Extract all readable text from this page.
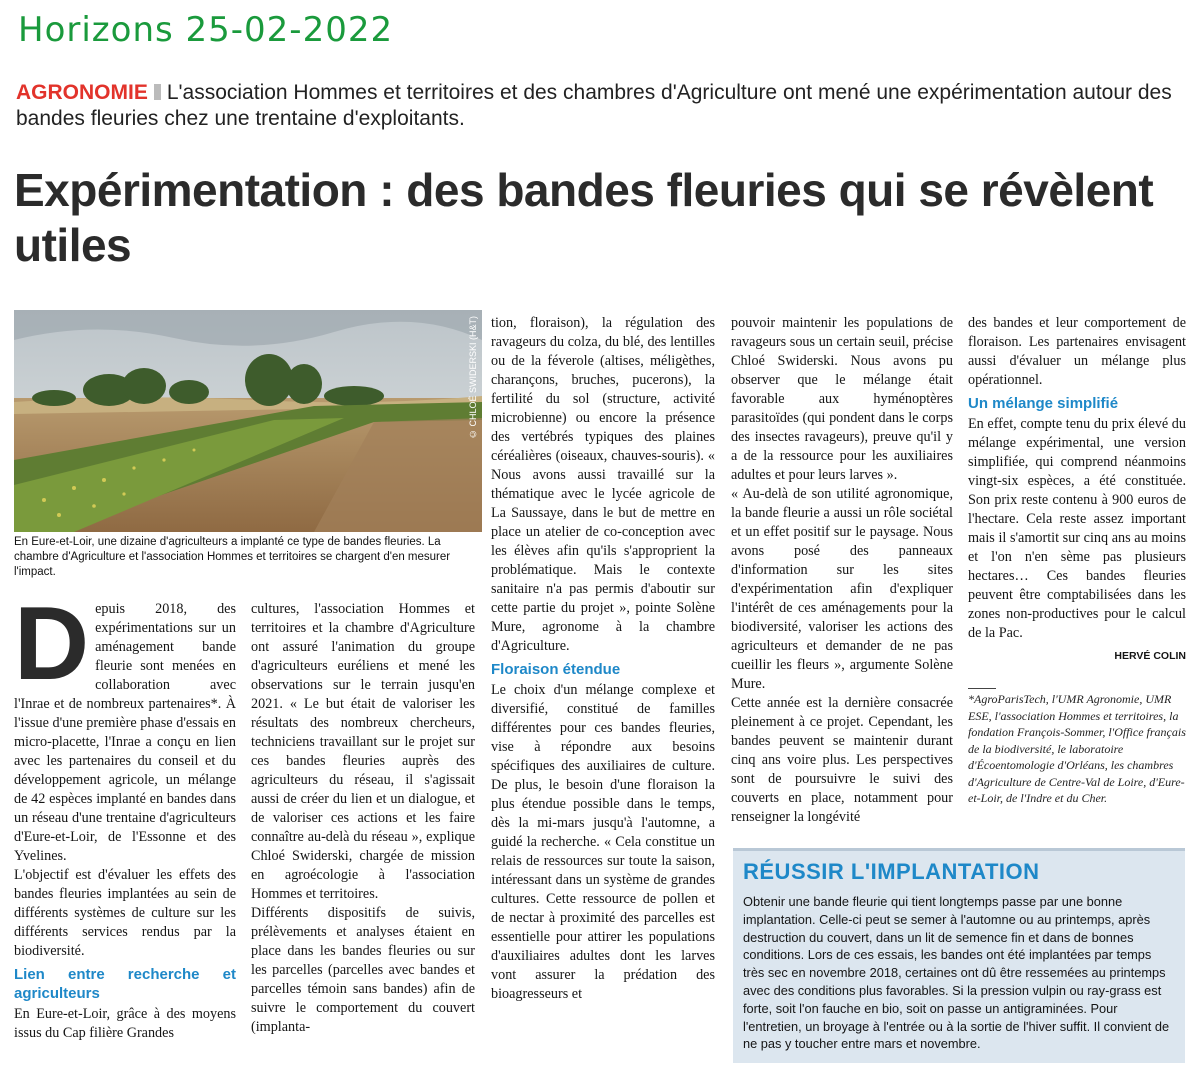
Horizons 25-02-2022
AGRONOMIE L'association Hommes et territoires et des chambres d'Agriculture ont mené une expérimentation autour des bandes fleuries chez une trentaine d'exploitants.
Expérimentation : des bandes fleuries qui se révèlent utiles
© CHLOÉ SWIDERSKI (H&T)
En Eure-et-Loir, une dizaine d'agriculteurs a implanté ce type de bandes fleuries. La chambre d'Agriculture et l'association Hommes et territoires se chargent d'en mesurer l'impact.
D epuis 2018, des expérimentations sur un aménagement bande fleurie sont menées en collaboration avec l'Inrae et de nombreux partenaires*. À l'issue d'une première phase d'essais en micro-placette, l'Inrae a conçu en lien avec les partenaires du conseil et du développement agricole, un mélange de 42 espèces implanté en bandes dans un réseau d'une trentaine d'agriculteurs d'Eure-et-Loir, de l'Essonne et des Yvelines.

L'objectif est d'évaluer les effets des bandes fleuries implantées au sein de différents systèmes de culture sur les différents services rendus par la biodiversité.

Lien entre recherche et agriculteurs

En Eure-et-Loir, grâce à des moyens issus du Cap filière Grandes

cultures, l'association Hommes et territoires et la chambre d'Agriculture ont assuré l'animation du groupe d'agriculteurs euréliens et mené les observations sur le terrain jusqu'en 2021. « Le but était de valoriser les résultats des nombreux chercheurs, techniciens travaillant sur le projet sur ces bandes fleuries auprès des agriculteurs du réseau, il s'agissait aussi de créer du lien et un dialogue, et de valoriser ces actions et les faire connaître au-delà du réseau », explique Chloé Swiderski, chargée de mission en agroécologie à l'association Hommes et territoires.

Différents dispositifs de suivis, prélèvements et analyses étaient en place dans les bandes fleuries ou sur les parcelles (parcelles avec bandes et parcelles témoin sans bandes) afin de suivre le comportement du couvert (implanta-

tion, floraison), la régulation des ravageurs du colza, du blé, des lentilles ou de la féverole (altises, méligèthes, charançons, bruches, pucerons), la fertilité du sol (structure, activité microbienne) ou encore la présence des vertébrés typiques des plaines céréalières (oiseaux, chauves-souris). « Nous avons aussi travaillé sur la thématique avec le lycée agricole de La Saussaye, dans le but de mettre en place un atelier de co-conception avec les élèves afin qu'ils s'approprient la problématique. Mais le contexte sanitaire n'a pas permis d'aboutir sur cette partie du projet », pointe Solène Mure, agronome à la chambre d'Agriculture.

Floraison étendue

Le choix d'un mélange complexe et diversifié, constitué de familles différentes pour ces bandes fleuries, vise à répondre aux besoins spécifiques des auxiliaires de culture. De plus, le besoin d'une floraison la plus étendue possible dans le temps, dès la mi-mars jusqu'à l'automne, a guidé la recherche. « Cela constitue un relais de ressources sur toute la saison, intéressant dans un système de grandes cultures. Cette ressource de pollen et de nectar à proximité des parcelles est essentielle pour attirer les populations d'auxiliaires adultes dont les larves vont assurer la prédation des bioagresseurs et

pouvoir maintenir les populations de ravageurs sous un certain seuil, précise Chloé Swiderski. Nous avons pu observer que le mélange était favorable aux hyménoptères parasitoïdes (qui pondent dans le corps des insectes ravageurs), preuve qu'il y a de la ressource pour les auxiliaires adultes et pour leurs larves ».

« Au-delà de son utilité agronomique, la bande fleurie a aussi un rôle sociétal et un effet positif sur le paysage. Nous avons posé des panneaux d'information sur les sites d'expérimentation afin d'expliquer l'intérêt de ces aménagements pour la biodiversité, valoriser les actions des agriculteurs et demander de ne pas cueillir les fleurs », argumente Solène Mure.

Cette année est la dernière consacrée pleinement à ce projet. Cependant, les bandes peuvent se maintenir durant cinq ans voire plus. Les perspectives sont de poursuivre le suivi des couverts en place, notamment pour renseigner la longévité

des bandes et leur comportement de floraison. Les partenaires envisagent aussi d'évaluer un mélange plus opérationnel.

Un mélange simplifié

En effet, compte tenu du prix élevé du mélange expérimental, une version simplifiée, qui comprend néanmoins vingt-six espèces, a été constituée. Son prix reste contenu à 900 euros de l'hectare. Cela reste assez important mais il s'amortit sur cinq ans au moins et l'on n'en sème pas plusieurs hectares… Ces bandes fleuries peuvent être comptabilisées dans les zones non-productives pour le calcul de la Pac.

HERVÉ COLIN
*AgroParisTech, l'UMR Agronomie, UMR ESE, l'association Hommes et territoires, la fondation François-Sommer, l'Office français de la biodiversité, le laboratoire d'Écoentomologie d'Orléans, les chambres d'Agriculture de Centre-Val de Loire, d'Eure-et-Loir, de l'Indre et du Cher.
RÉUSSIR L'IMPLANTATION
Obtenir une bande fleurie qui tient longtemps passe par une bonne implantation. Celle-ci peut se semer à l'automne ou au printemps, après destruction du couvert, dans un lit de semence fin et dans de bonnes conditions. Lors de ces essais, les bandes ont été implantées par temps très sec en novembre 2018, certaines ont dû être ressemées au printemps avec des conditions plus favorables. Si la pression vulpin ou ray-grass est forte, soit l'on fauche en bio, soit on passe un antigraminées. Pour l'entretien, un broyage à l'entrée ou à la sortie de l'hiver suffit. Il convient de ne pas y toucher entre mars et novembre.
